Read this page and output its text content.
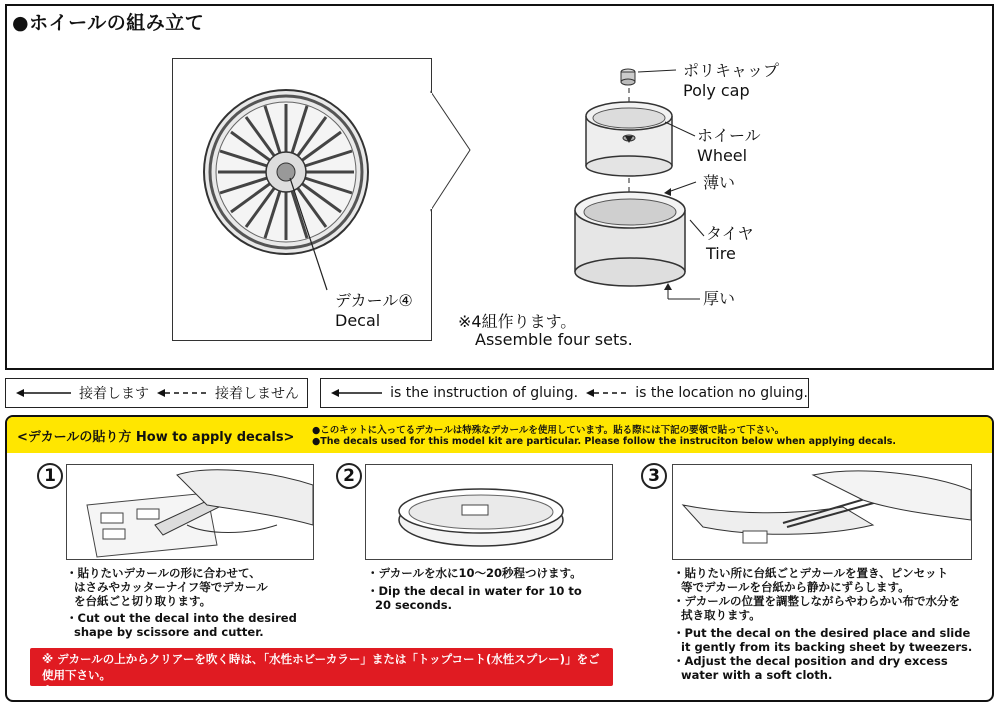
●ホイールの組み立て
デカール④
Decal
ポリキャップ
Poly cap
ホイール
Wheel
薄い
タイヤ
Tire
厚い
※4組作ります。
Assemble four sets.
接着します	接着しません	is the instruction of gluing.	is the location no gluing.
<デカールの貼り方 How to apply decals> ●このキットに入ってるデカールは特殊なデカールを使用しています。貼る際には下記の要領で貼って下さい。
●The decals used for this model kit are particular. Please follow the instruciton below when applying decals.
1
・貼りたいデカールの形に合わせて、
はさみやカッターナイフ等でデカール
を台紙ごと切り取ります。
・Cut out the decal into the desired
shape by scissore and cutter.
2
・デカールを水に10～20秒程つけます。
・Dip the decal in water for 10 to
20 seconds.
3
・貼りたい所に台紙ごとデカールを置き、ピンセット
等でデカールを台紙から静かにずらします。
・デカールの位置を調整しながらやわらかい布で水分を
拭き取ります。
・Put the decal on the desired place and slide
it gently from its backing sheet by tweezers.
・Adjust the decal position and dry excess
water with a soft cloth.
※ デカールの上からクリアーを吹く時は、「水性ホビーカラー」または「トップコート(水性スプレー)」をご使用下さい。
※ Please use water paint or topcoat when spraying over decals.
